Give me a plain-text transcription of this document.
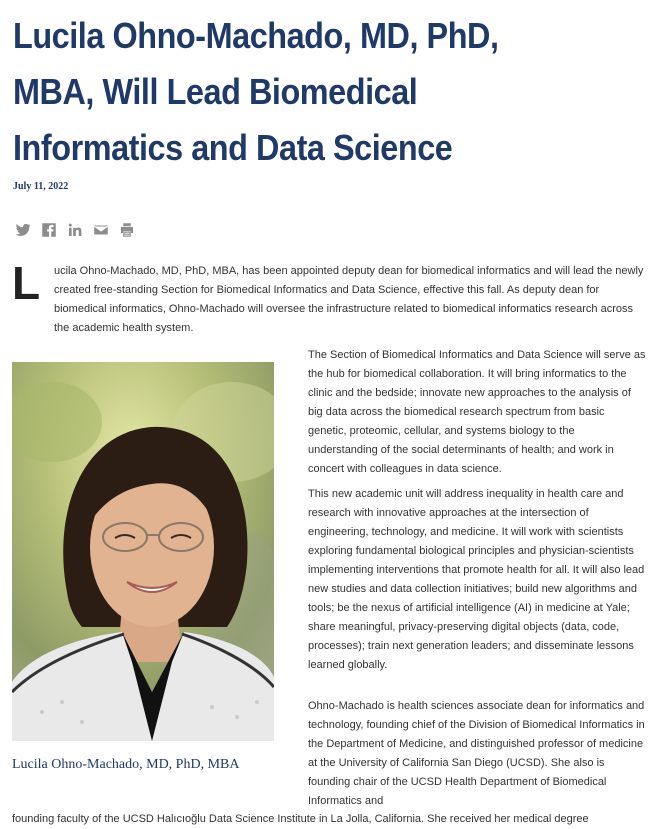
Lucila Ohno-Machado, MD, PhD, MBA, Will Lead Biomedical Informatics and Data Science
July 11, 2022
L ucila Ohno-Machado, MD, PhD, MBA, has been appointed deputy dean for biomedical informatics and will lead the newly created free-standing Section for Biomedical Informatics and Data Science, effective this fall. As deputy dean for biomedical informatics, Ohno-Machado will oversee the infrastructure related to biomedical informatics research across the academic health system.

Lucila Ohno-Machado, MD, PhD, MBA

The Section of Biomedical Informatics and Data Science will serve as the hub for biomedical collaboration. It will bring informatics to the clinic and the bedside; innovate new approaches to the analysis of big data across the biomedical research spectrum from basic genetic, proteomic, cellular, and systems biology to the understanding of the social determinants of health; and work in concert with colleagues in data science.

This new academic unit will address inequality in health care and research with innovative approaches at the intersection of engineering, technology, and medicine. It will work with scientists exploring fundamental biological principles and physician-scientists implementing interventions that promote health for all. It will also lead new studies and data collection initiatives; build new algorithms and tools; be the nexus of artificial intelligence (AI) in medicine at Yale; share meaningful, privacy-preserving digital objects (data, code, processes); train next generation leaders; and disseminate lessons learned globally.

Ohno-Machado is health sciences associate dean for informatics and technology, founding chief of the Division of Biomedical Informatics in the Department of Medicine, and distinguished professor of medicine at the University of California San Diego (UCSD). She also is founding chair of the UCSD Health Department of Biomedical Informatics and

founding faculty of the UCSD Halıcıoğlu Data Science Institute in La Jolla, California. She received her medical degree
